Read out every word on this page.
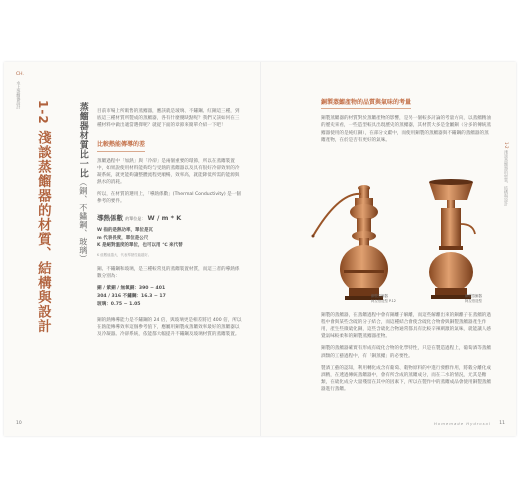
CH.
水上蒸鰡器設計
1-2 淺談蒸餾器的材質、結構與設計	蒸餾器材質比一比（銅、不鏽鋼、玻璃）

目前市場上所販售的蒸鰡器，應該就是玻璃、不鏽鋼、紅銅這三種，到底這三種材質所製成的蒸鰡器，各有什麼優缺點呢？我們又該如何在三種材料中做出適當選擇呢？就從下面的章節來簡單介紹一下吧！

比較熱能傳導的差

蒸餾過程中「加熱」與「冷卻」是兩個重要的環節，所以在蒸餾裝置中，如果說使用材料能夠均勻受熱的蒸餾器以及具有很好冷卻效果的冷凝系統，就更能夠讓整體流程更順暢，效率高，就能降低所需的能源與熱水的消耗。

所以，在材質的選用上，「導熱係數」(Thermal Conductivity) 是一個參考的要件。

導熱係數 的單位是： W / m * K
W 指的是熱功率，單位是瓦
m 代表長度，單位是公尺
K 是絕對溫度的單位，也可以用 ℃ 來代替
K 值數值越大，代表導熱性能越好。

銅、不鏽鋼和玻璃，是三種較常見的蒸餾裝置材質，而這三者的導熱係數分別為：

銅 / 紫銅 / 無氧銅：390 ~ 401
304 / 316 不鏽鋼：16.3 ~ 17
玻璃：0.75 ~ 1.05

銅的熱傳導能力是不鏽鋼的 24 倍，與玻璃更是相差將近 400 倍，所以在熱能傳導效率這個參考值下，應屬用銅製成蒸餾效率最好的蒸餾器以及冷凝器。冷卻系統，依能都大幅提升不鏽鋼及玻璃材質的蒸餾裝置。

10
銅製蒸鰡產物的品質與氣味的考量

銅製蒸餾器的材質對於蒸餾產物的影響，是另一個較多討論的考量方向，以蒸鰡精油的歷史來看，一些造型較具出現歷史的蒸鰡器，其材質大多是金屬銅（分多的傳統蒸鰡器使用的是純紅銅），在部分文獻中，而使用銅製的蒸鰡器與不鏽鋼的蒸鰡器的蒸餾產物，在於是否有更好的氣味。

銅製蒸鰡器
阿拉伯造型 P.12
銅製蒸鰡器
阿拉伯造型

銅製的蒸鰡器，在蒸餾過程中會有銅離子解離，而這些解離出來的銅離子在蒸鰡的過程中會與某些含硫的分子結合，而這種結合會使含硫化合物會與銅製蒸鰡器產生作用，產生些微硫化銅，這些含硫化合物通常都具有比較辛辣刺激的氣味，就能讓人感覺氣味較柔和的銅製蒸鰡器產物。

銅製的蒸鰡器確實有形成有硫化合物的化學特性，只是在製造過程上，葡萄酒等蒸鰡酒類的工藝過程中，有「銅蒸鰡」的必要性。

製酒工藝的認知，利用轉化成含有葡萄、穀物原料的中進行發酵作用，將穀分離化成酒精，在透過傳統蒸餾器中，會有所含成的蒸餾成分，而在二水的情況，尤其是糖類，在硫化成分大量殘留在其中的因素下，所以在製作中的蒸餾成品會使用銅製蒸鰡器進行蒸餾。

1-2 淺談蒸鰡器的材質、結構與設計
Homemade Hydrosol 11
